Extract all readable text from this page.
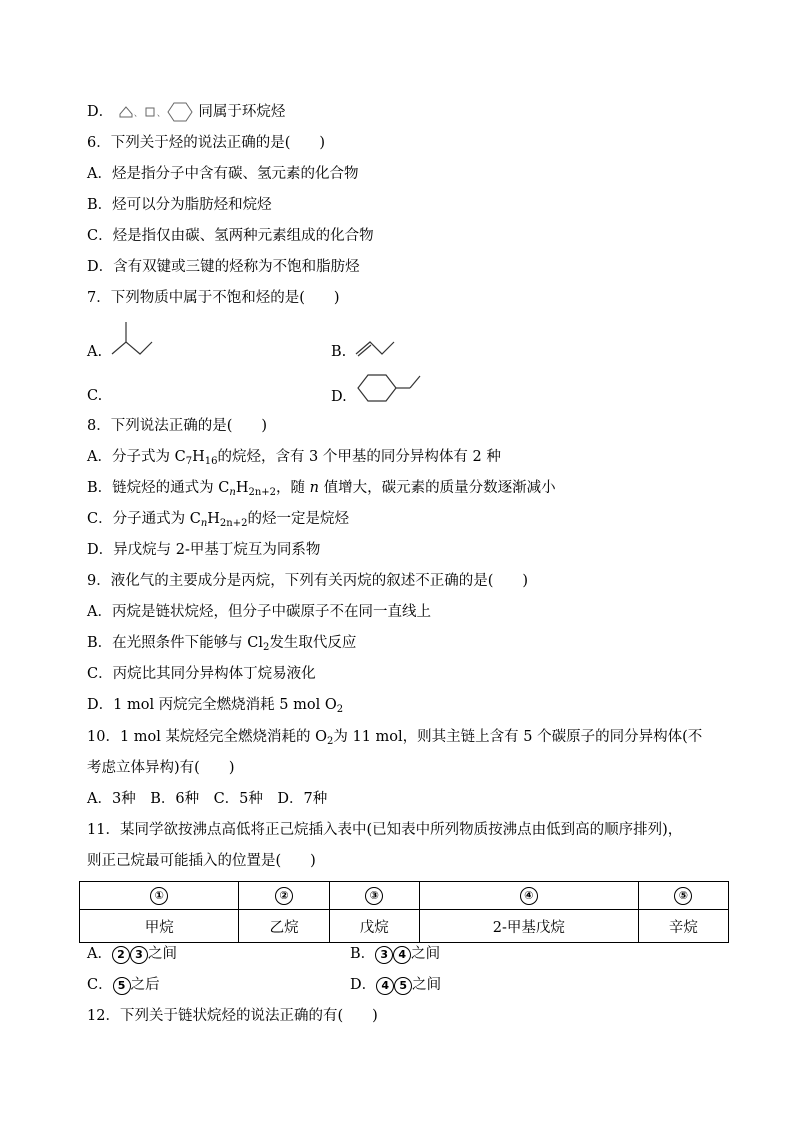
D． 、 、 同属于环烷烃
6．下列关于烃的说法正确的是(　　)
A．烃是指分子中含有碳、氢元素的化合物
B．烃可以分为脂肪烃和烷烃
C．烃是指仅由碳、氢两种元素组成的化合物
D．含有双键或三键的烃称为不饱和脂肪烃
7．下列物质中属于不饱和烃的是(　　)
A.	B.
C.	D.
8．下列说法正确的是(　　)
A．分子式为 $C_7H_{16}$的烷烃，含有 3 个甲基的同分异构体有 2 种
B．链烷烃的通式为 $C_nH_{2n+2}$，随 n 值增大，碳元素的质量分数逐渐减小
C．分子通式为 $C_nH_{2n+2}$的烃一定是烷烃
D．异戊烷与 2-甲基丁烷互为同系物
9．液化气的主要成分是丙烷，下列有关丙烷的叙述不正确的是(　　)
A．丙烷是链状烷烃，但分子中碳原子不在同一直线上
B．在光照条件下能够与 $Cl_2$发生取代反应
C．丙烷比其同分异构体丁烷易液化
D．1 mol 丙烷完全燃烧消耗 5 mol $O_2$
10．1 mol 某烷烃完全燃烧消耗的 $O_2$为 11 mol，则其主链上含有 5 个碳原子的同分异构体(不
考虑立体异构)有(　　)
A．3种　B．6种　C．5种　D．7种
11．某同学欲按沸点高低将正己烷插入表中(已知表中所列物质按沸点由低到高的顺序排列)，
则正己烷最可能插入的位置是(　　)
①	②	③	④	⑤
甲烷	乙烷	戊烷	2-甲基戊烷	辛烷
A． 2 3 之间	B． 3 4 之间
C． 5 之后	D． 4 5 之间
12．下列关于链状烷烃的说法正确的有(　　)
